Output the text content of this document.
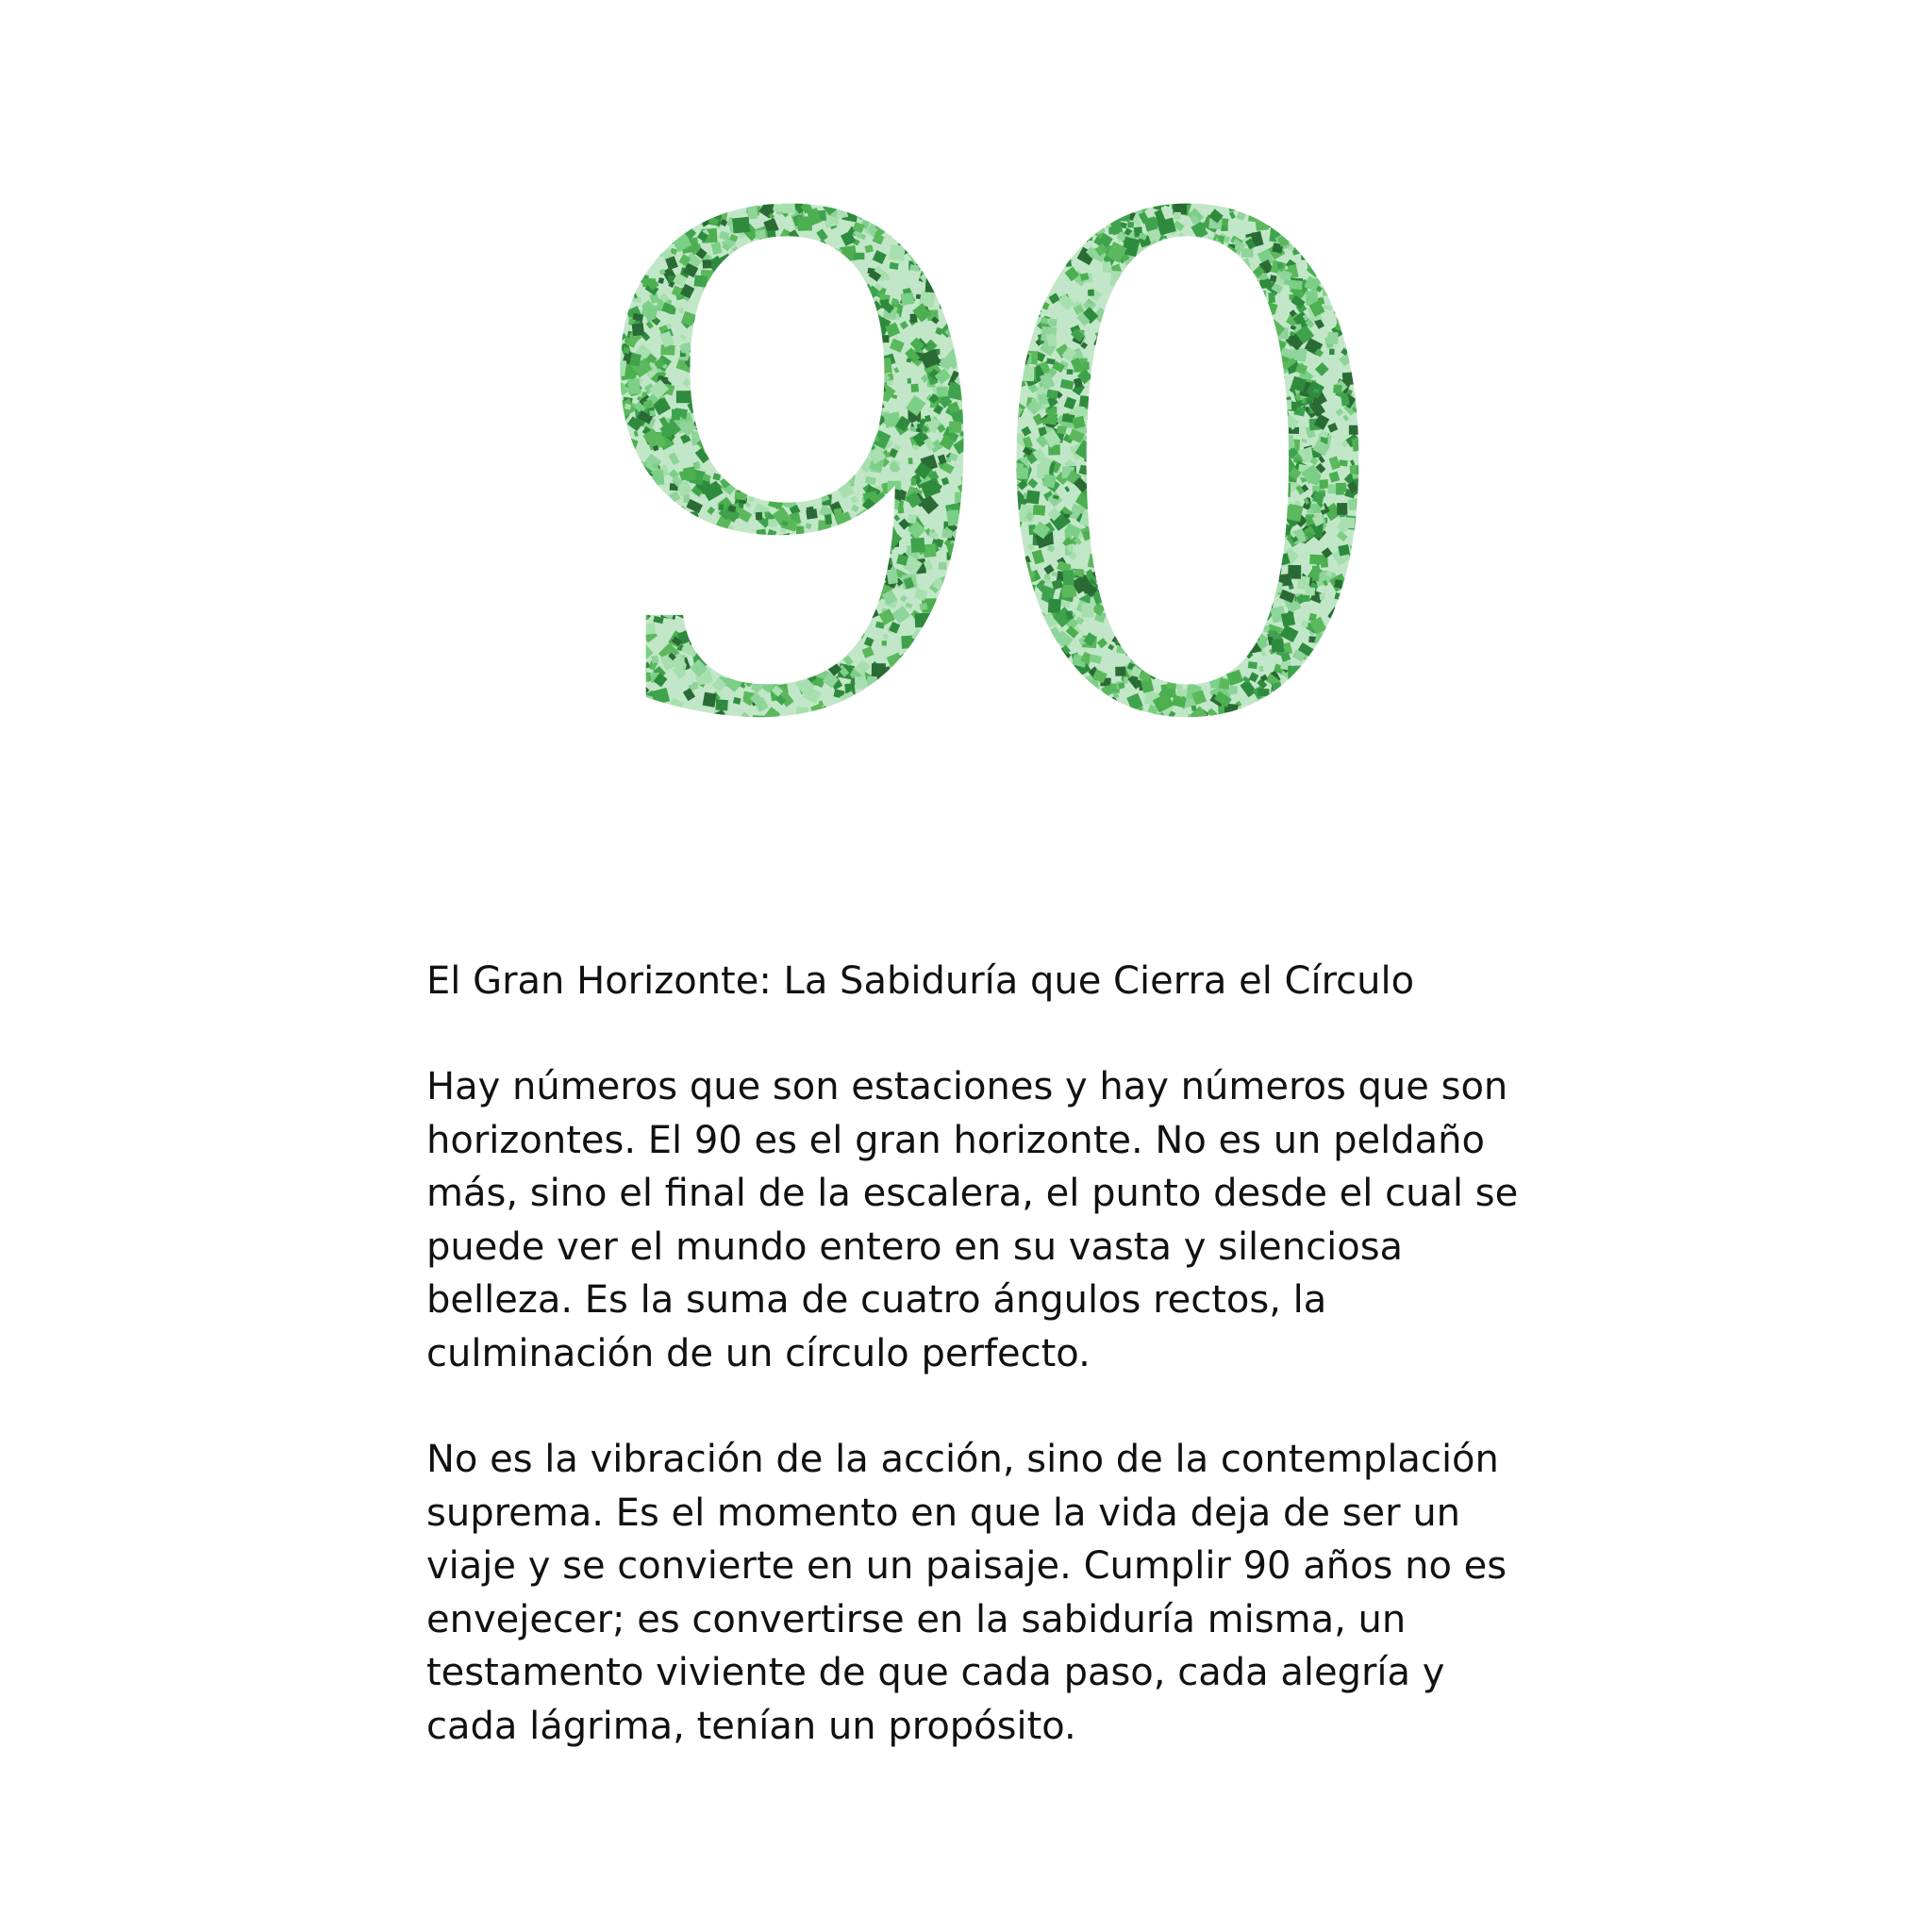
El Gran Horizonte: La Sabiduría que Cierra el Círculo
Hay números que son estaciones y hay números que son
horizontes. El 90 es el gran horizonte. No es un peldaño
más, sino el final de la escalera, el punto desde el cual se
puede ver el mundo entero en su vasta y silenciosa
belleza. Es la suma de cuatro ángulos rectos, la
culminación de un círculo perfecto.
No es la vibración de la acción, sino de la contemplación
suprema. Es el momento en que la vida deja de ser un
viaje y se convierte en un paisaje. Cumplir 90 años no es
envejecer; es convertirse en la sabiduría misma, un
testamento viviente de que cada paso, cada alegría y
cada lágrima, tenían un propósito.
